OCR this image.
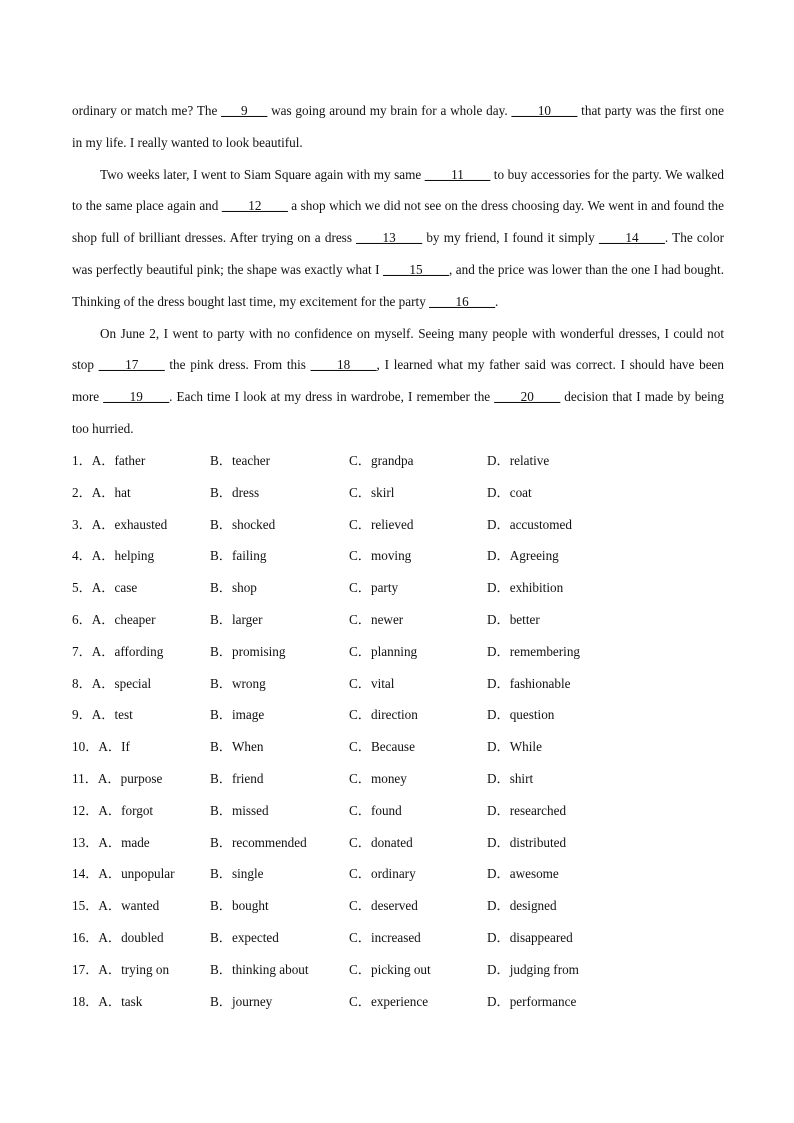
ordinary or match me? The ___9___ was going around my brain for a whole day. ____10____ that party was the first one in my life. I really wanted to look beautiful.

Two weeks later, I went to Siam Square again with my same ____11____ to buy accessories for the party. We walked to the same place again and ____12____ a shop which we did not see on the dress choosing day. We went in and found the shop full of brilliant dresses. After trying on a dress ____13____ by my friend, I found it simply ____14____. The color was perfectly beautiful pink; the shape was exactly what I ____15____, and the price was lower than the one I had bought. Thinking of the dress bought last time, my excitement for the party ____16____.

On June 2, I went to party with no confidence on myself. Seeing many people with wonderful dresses, I could not stop ____17____ the pink dress. From this ____18____, I learned what my father said was correct. I should have been more ____19____. Each time I look at my dress in wardrobe, I remember the ____20____ decision that I made by being too hurried.

1．A．father	B．teacher	C．grandpa	D．relative
2．A．hat	B．dress	C．skirl	D．coat
3．A．exhausted	B．shocked	C．relieved	D．accustomed
4．A．helping	B．failing	C．moving	D．Agreeing
5．A．case	B．shop	C．party	D．exhibition
6．A．cheaper	B．larger	C．newer	D．better
7．A．affording	B．promising	C．planning	D．remembering
8．A．special	B．wrong	C．vital	D．fashionable
9．A．test	B．image	C．direction	D．question
10．A．If	B．When	C．Because	D．While
11．A．purpose	B．friend	C．money	D．shirt
12．A．forgot	B．missed	C．found	D．researched
13．A．made	B．recommended	C．donated	D．distributed
14．A．unpopular	B．single	C．ordinary	D．awesome
15．A．wanted	B．bought	C．deserved	D．designed
16．A．doubled	B．expected	C．increased	D．disappeared
17．A．trying on	B．thinking about	C．picking out	D．judging from
18．A．task	B．journey	C．experience	D．performance
